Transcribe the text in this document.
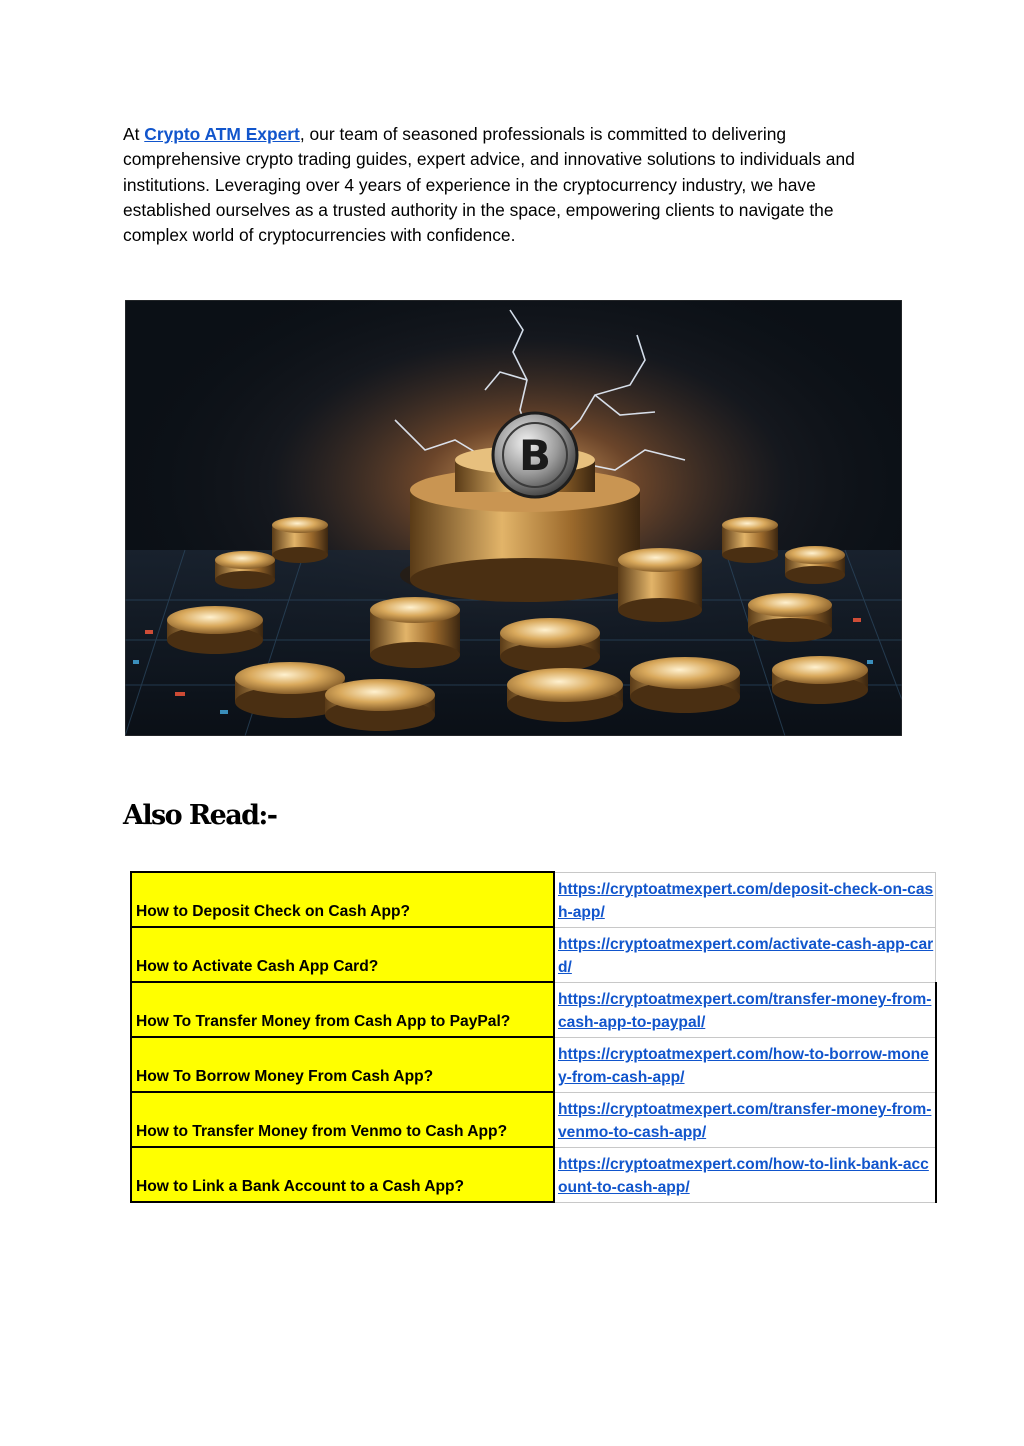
At Crypto ATM Expert, our team of seasoned professionals is committed to delivering comprehensive crypto trading guides, expert advice, and innovative solutions to individuals and institutions. Leveraging over 4 years of experience in the cryptocurrency industry, we have established ourselves as a trusted authority in the space, empowering clients to navigate the complex world of cryptocurrencies with confidence.

B
Also Read:-
How to Deposit Check on Cash App?	https://cryptoatmexpert.com/deposit-check-on-cash-app/
How to Activate Cash App Card?	https://cryptoatmexpert.com/activate-cash-app-card/
How To Transfer Money from Cash App to PayPal?	https://cryptoatmexpert.com/transfer-money-from-cash-app-to-paypal/
How To Borrow Money From Cash App?	https://cryptoatmexpert.com/how-to-borrow-money-from-cash-app/
How to Transfer Money from Venmo to Cash App?	https://cryptoatmexpert.com/transfer-money-from-venmo-to-cash-app/
How to Link a Bank Account to a Cash App?	https://cryptoatmexpert.com/how-to-link-bank-account-to-cash-app/
